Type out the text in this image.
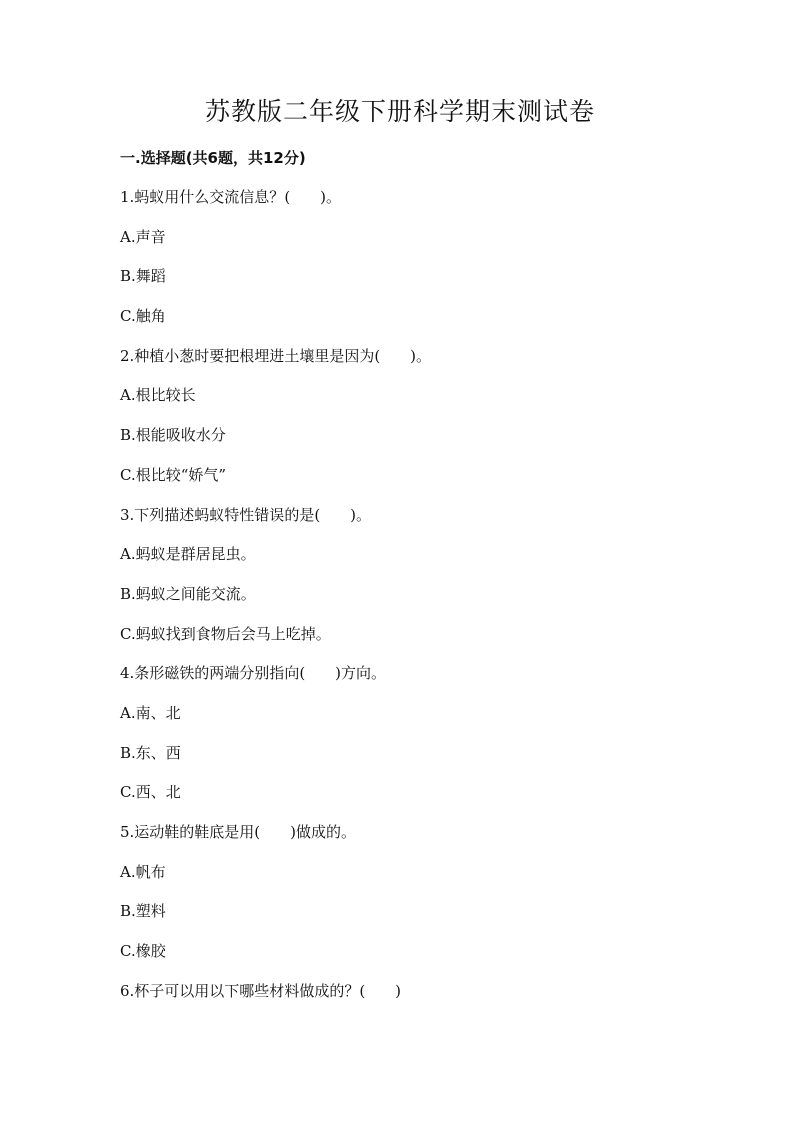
苏教版二年级下册科学期末测试卷
一.选择题(共6题，共12分)
1.蚂蚁用什么交流信息？(　　)。
A.声音
B.舞蹈
C.触角
2.种植小葱时要把根埋进土壤里是因为(　　)。
A.根比较长
B.根能吸收水分
C.根比较“娇气”
3.下列描述蚂蚁特性错误的是(　　)。
A.蚂蚁是群居昆虫。
B.蚂蚁之间能交流。
C.蚂蚁找到食物后会马上吃掉。
4.条形磁铁的两端分别指向(　　)方向。
A.南、北
B.东、西
C.西、北
5.运动鞋的鞋底是用(　　)做成的。
A.帆布
B.塑料
C.橡胶
6.杯子可以用以下哪些材料做成的？(　　)
